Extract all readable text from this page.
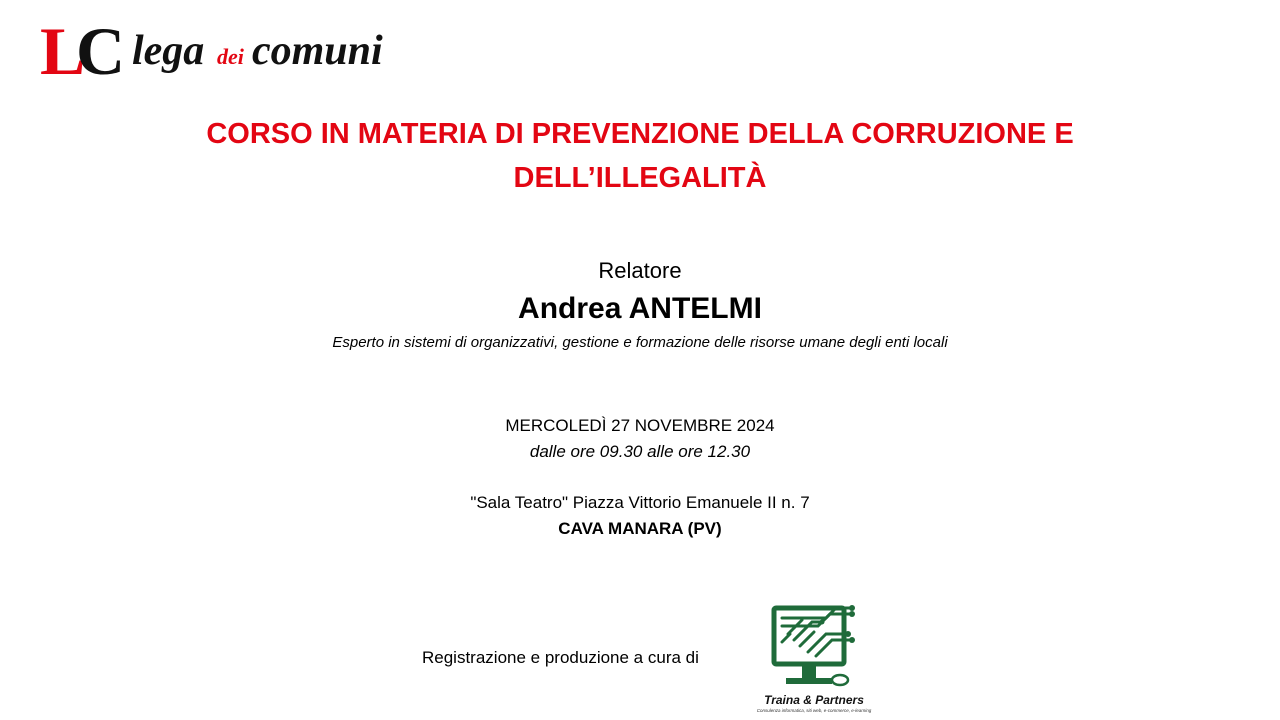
L
C lega dei comuni
CORSO IN MATERIA DI PREVENZIONE DELLA CORRUZIONE E
DELL’ILLEGALITÀ
Relatore
Andrea ANTELMI
Esperto in sistemi di organizzativi, gestione e formazione delle risorse umane degli enti locali
MERCOLEDÌ 27 NOVEMBRE 2024
dalle ore 09.30 alle ore 12.30
"Sala Teatro" Piazza Vittorio Emanuele II n. 7
CAVA MANARA (PV)
Registrazione e produzione a cura di
Traina & Partners
Consulenza informatica, siti web, e-commerce, e-learning
